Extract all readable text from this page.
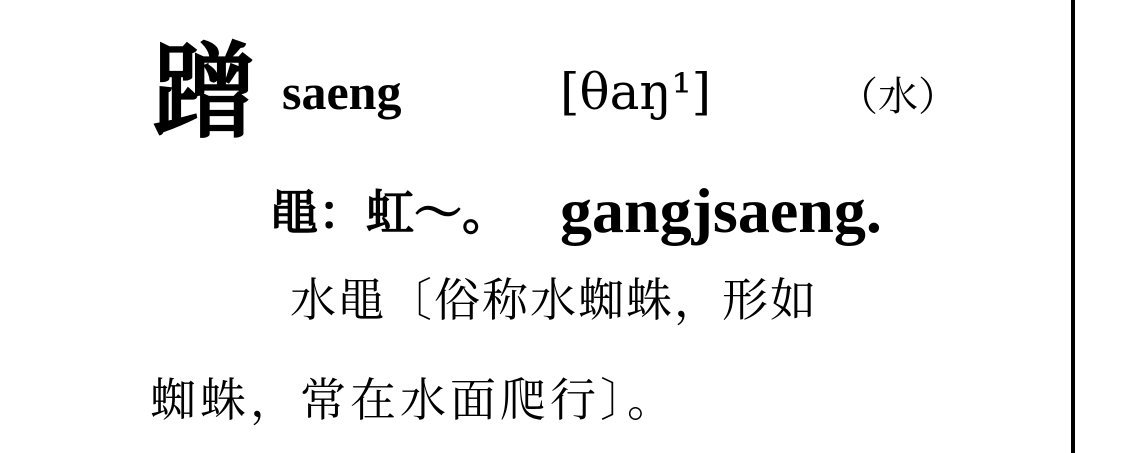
蹭 saeng	[θaŋ¹]	（水）
黽：虹～。 gangjsaeng.
水黽〔俗称水蜘蛛，形如
蜘蛛，常在水面爬行〕。
